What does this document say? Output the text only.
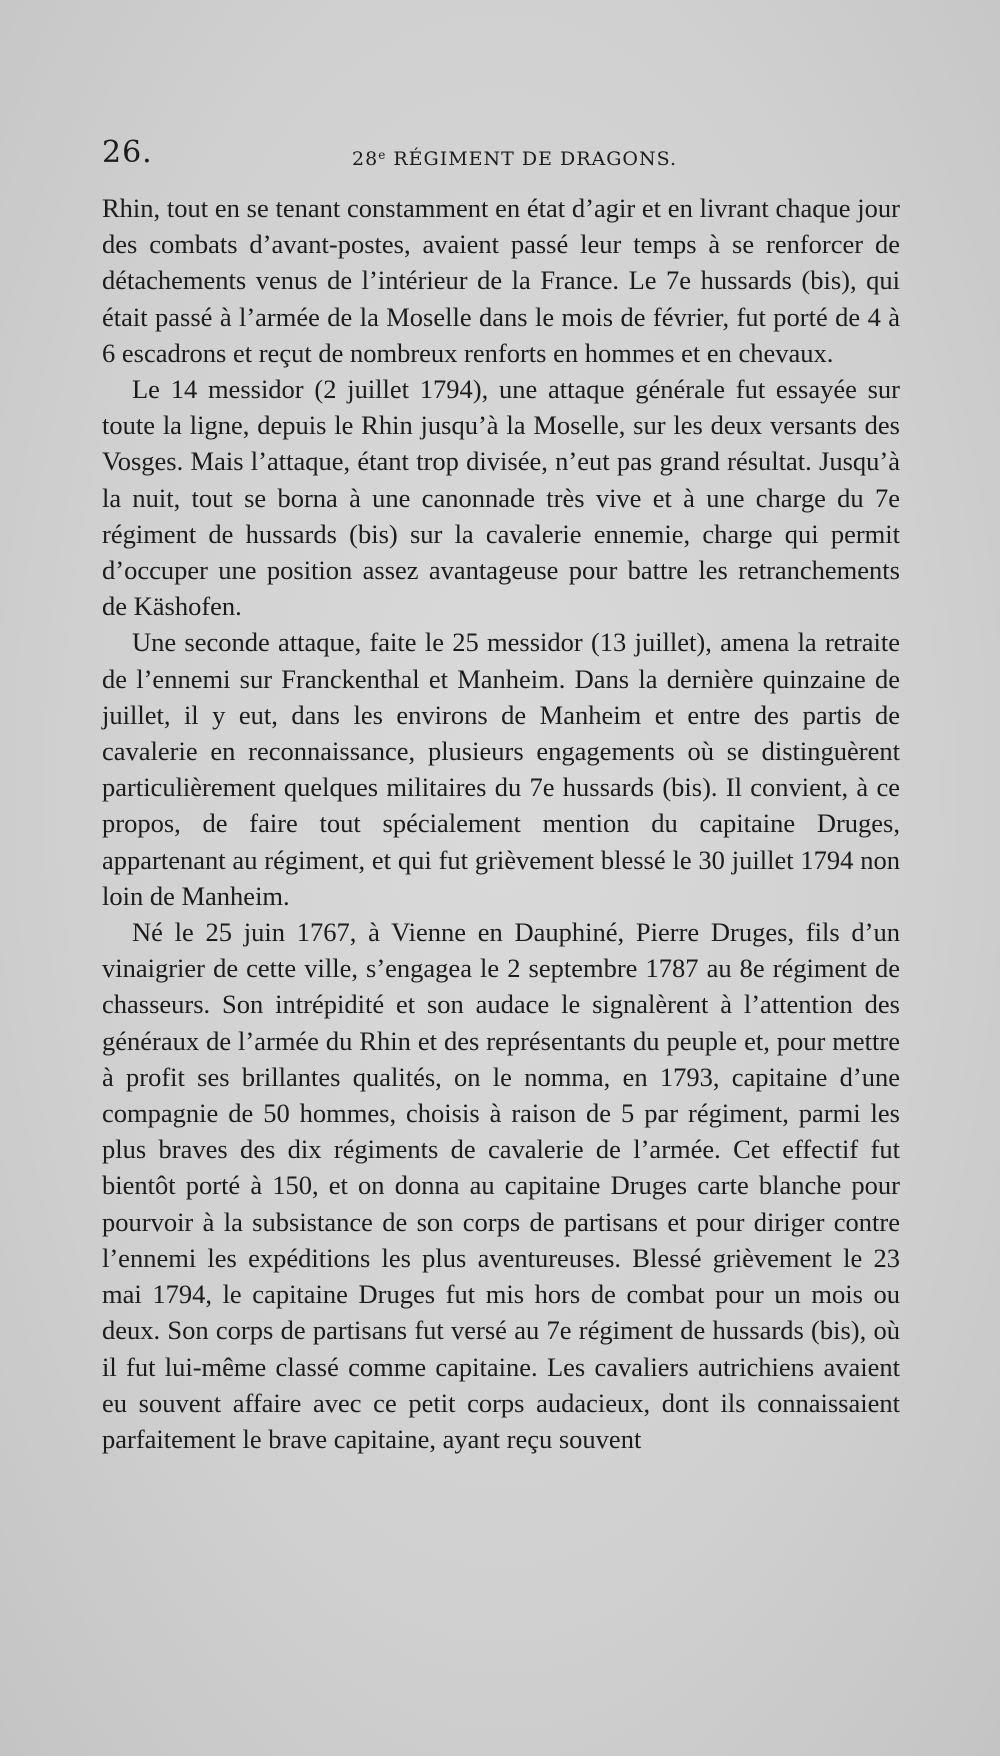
26.	28e RÉGIMENT DE DRAGONS.

Rhin, tout en se tenant constamment en état d’agir et en livrant chaque jour des combats d’avant-postes, avaient passé leur temps à se renforcer de détachements venus de l’intérieur de la France. Le 7e hussards (bis), qui était passé à l’armée de la Moselle dans le mois de février, fut porté de 4 à 6 escadrons et reçut de nombreux renforts en hommes et en chevaux.

Le 14 messidor (2 juillet 1794), une attaque générale fut essayée sur toute la ligne, depuis le Rhin jusqu’à la Moselle, sur les deux versants des Vosges. Mais l’attaque, étant trop divisée, n’eut pas grand résultat. Jusqu’à la nuit, tout se borna à une canonnade très vive et à une charge du 7e régiment de hussards (bis) sur la cavalerie ennemie, charge qui permit d’occuper une position assez avantageuse pour battre les retranchements de Käshofen.

Une seconde attaque, faite le 25 messidor (13 juillet), amena la retraite de l’ennemi sur Franckenthal et Manheim. Dans la dernière quinzaine de juillet, il y eut, dans les environs de Manheim et entre des partis de cavalerie en reconnaissance, plusieurs engagements où se distinguèrent particulièrement quelques militaires du 7e hussards (bis). Il convient, à ce propos, de faire tout spécialement mention du capitaine Druges, appartenant au régiment, et qui fut grièvement blessé le 30 juillet 1794 non loin de Manheim.

Né le 25 juin 1767, à Vienne en Dauphiné, Pierre Druges, fils d’un vinaigrier de cette ville, s’engagea le 2 septembre 1787 au 8e régiment de chasseurs. Son intrépidité et son audace le signalèrent à l’attention des généraux de l’armée du Rhin et des représentants du peuple et, pour mettre à profit ses brillantes qualités, on le nomma, en 1793, capitaine d’une compagnie de 50 hommes, choisis à raison de 5 par régiment, parmi les plus braves des dix régiments de cavalerie de l’armée. Cet effectif fut bientôt porté à 150, et on donna au capitaine Druges carte blanche pour pourvoir à la subsistance de son corps de partisans et pour diriger contre l’ennemi les expéditions les plus aventureuses. Blessé grièvement le 23 mai 1794, le capitaine Druges fut mis hors de combat pour un mois ou deux. Son corps de partisans fut versé au 7e régiment de hussards (bis), où il fut lui-même classé comme capitaine. Les cavaliers autrichiens avaient eu souvent affaire avec ce petit corps audacieux, dont ils connaissaient parfaitement le brave capitaine, ayant reçu souvent
